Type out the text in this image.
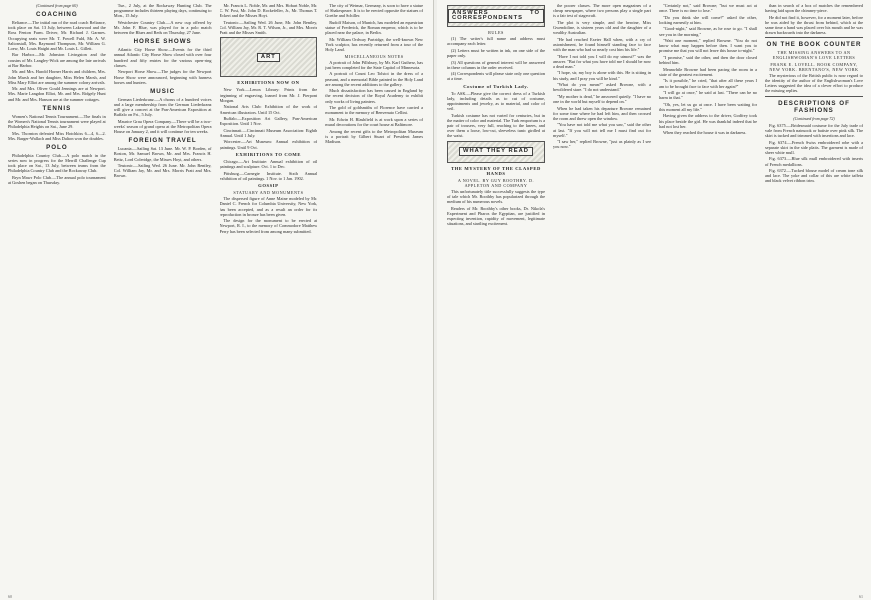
(Continued from page 60)
COACHING

Reliance.—The initial run of the road coach Reliance, took place on Sat. 13 July, between Lakewood and the Ross Fenton Farm. Driver, Mr. Richard J. Garmes. Occupying seats were Mr. T. Powell Fuld, Mr. A. W. Saltonstall, Mrs. Raymond Thompson, Mr. William G. Loew, Mr. Louis Haight and Mr. Louis L. Gillett.

Bar Harbor.—Mr. Johnston Livingston and the cousins of Mr. Langley-Wick are among the late arrivals at Bar Harbor.

Mr. and Mrs. Harold Horner Harris and children, Mrs. John Marsh and her daughter, Miss Helen Marsh, and Miss Mary Elliot are among the summer colony arrivals.

Mr. and Mrs. Oliver Gould Jennings are at Newport. Mrs. Marie Langdon Elliot, Mr. and Mrs. Ridgely Hunt and Mr. and Mrs. Hanson are at the summer cottages.

TENNIS

Women's National Tennis Tournament.—The finals in the Women's National Tennis tournament were played at Philadelphia Heights on Sat., June 29.

Mrs. Thornton defeated Miss Hotchkiss 6—4, 6—2. Mrs. Barger-Wallach and Miss Dalton won the doubles.

POLO

Philadelphia Country Club.—A polo match in the series now in progress for the Merrill Challenge Cup took place on Sat., 13 July, between teams from the Philadelphia Country Club and the Rockaway Club.

Bryn Mawr Polo Club.—The annual polo tournament at Goshen began on Thursday.

Tue., 2 July, at the Rockaway Hunting Club. The programme includes thirteen playing days, continuing to Mon., 15 July.

Westchester Country Club.—A new cup offered by Mr. John F. Blue, was played for in a polo match between the Blues and Reds on Thursday, 27 June.

HORSE SHOWS

Atlantic City Horse Show.—Events for the third annual Atlantic City Horse Show closed with over four hundred and fifty entries for the various open-ring classes.

Newport Horse Show.—The judges for the Newport Horse Show were announced, beginning with harness horses and hunters.

MUSIC

German Liederkranz.—A chorus of a hundred voices and a large membership from the German Liederkranz will give a concert at the Pan-American Exposition at Buffalo on Fri., 5 July.

Maurice Grau Opera Company.—There will be a two-weeks' season of grand opera at the Metropolitan Opera House on January 2, and it will continue for ten weeks.

FOREIGN TRAVEL

Lucania.—Sailing Sat. 13 June. Mr. W. P. Borden, of Boston, Mr. Samuel Brown, Mr. and Mrs. Francis H. Bettz, Lord Coleridge, the Misses Hoyt, and others.

Teutonic.—Sailing Wed. 26 June. Mr. John Bentley, Col. William Jay, Mr. and Mrs. Morris Pratt and Mrs. Brown.

Mr. Francis L. Noble, Mr. and Mrs. Hobart Noble, Mr. C. W. Post, Mr. John D. Rockefeller, Jr., Mr. Thomas T. Eckert and the Misses Hoyt.

Teutonic.—Sailing Wed. 26 June, Mr. John Bentley, Col. William Jay, Mr. R. T. Wilson, Jr., and Mrs. Morris Pratt and the Misses Smith.

ART
EXHIBITIONS NOW ON

New York.—Lenox Library: Prints from the beginning of engraving, loaned from Mr. J. Pierpont Morgan.

National Arts Club: Exhibition of the work of American illustrators. Until 15 Oct.

Buffalo.—Exposition Art Gallery, Pan-American Exposition. Until 1 Nov.

Cincinnati.—Cincinnati Museum Association: Eighth Annual. Until 1 July.

Worcester.—Art Museum: Annual exhibition of paintings. Until 9 Oct.

EXHIBITIONS TO COME

Chicago.—Art Institute: Annual exhibition of oil paintings and sculpture. Oct. 1 to Dec.

Pittsburg.—Carnegie Institute. Sixth Annual exhibition of oil paintings. 1 Nov. to 1 Jan. 1902.

GOSSIP
STATUARY AND MONUMENTS

The dispersed figure of Anne Maine modeled by Mr. Daniel C. French for Columbia University, New York, has been accepted, and as a result an order for its reproduction in bronze has been given.

The design for the monument to be erected at Newport, R. I., to the memory of Commodore Matthew Perry has been selected from among many submitted.

The city of Weimar, Germany, is soon to have a statue of Shakespeare. It is to be erected opposite the statues of Goethe and Schiller.

Rudolf Maison, of Munich, has modeled an equestrian statue of Frederick, the Roman emperor, which is to be placed near the palace, in Berlin.

Mr. William Ordway Partridge, the well-known New York sculptor, has recently returned from a tour of the Holy Land.

MISCELLANEOUS NOTES

A portrait of John Pillsbury, by Mr. Karl Gutherz, has just been completed for the State Capitol of Minnesota.

A portrait of Count Leo Tolstoi in the dress of a peasant, and a memorial Bible painted in the Holy Land are among the recent additions to the gallery.

Much dissatisfaction has been caused in England by the recent decision of the Royal Academy to exhibit only works of living painters.

The gold of goldsmiths of Florence have carried a monument to the memory of Benvenuto Cellini.

Mr. Edwin H. Blashfield is at work upon a series of mural decorations for the court house at Baltimore.

Among the recent gifts to the Metropolitan Museum is a portrait by Gilbert Stuart of President James Madison.

60
ANSWERS TO CORRESPONDENTS
RULES

(1) The writer's full name and address must accompany each letter.

(2) Letters must be written in ink, on one side of the paper only.

(3) All questions of general interest will be answered in these columns in the order received.

(4) Correspondents will please state only one question at a time.

Costume of Turkish Lady.

To ASK.—Please give the correct dress of a Turkish lady, including details as to cut of costume, appointments and jewelry, as to material, and color of veil.

Turkish costume has not varied for centuries, but in the matter of color and material. The Turk emporium is a pair of trousers, very full, reaching to the knees, and over them a loose, low-cut, sleeveless tunic girdled at the waist.

WHAT THEY READ
THE MYSTERY OF THE CLASPED HANDS
A NOVEL. BY GUY BOOTHBY. D. APPLETON AND COMPANY

This unfortunately title successfully suggests the type of tale which Mr. Boothby has popularized through the medium of his numerous novels.

Readers of Mr. Boothby's other books, Dr. Nikola's Experiment and Pharos the Egyptian, are justified in expecting invention, rapidity of movement, legitimate situations, and startling excitement.

the poorer classes. The more open magazines of a cheap newspaper, where two persons play a single part is a fair test of stagecraft.

The plot is very simple, and the heroine, Miss Gwendoline, is sixteen years old and the daughter of a wealthy Australian.

"He had reached Exeter Hall when, with a cry of astonishment, he found himself standing face to face with the man who had so nearly cost him his life."

"Have I not told you I will do my utmost?" was the answer. "But for what you have told me I should be now a dead man."

"I hope, sir, my boy is alone with this. He is sitting in his study, and I pray you will be kind."

"What do you mean?" asked Browne, with a bewildered stare. "I do not understand."

"My mother is dead," he answered quietly. "I have no one in the world but myself to depend on."

When he had taken his departure Browne remained for some time where he had left him, and then crossed the room and threw open the window.

"You have not told me what you saw," said the other at last. "If you will not tell me I must find out for myself."

"I saw her," replied Browne, "just as plainly as I see you now."

"Certainly not," said Browne; "but we must act at once. There is no time to lose."

"Do you think she will come?" asked the other, looking earnestly at him.

"Good-night," said Browne, as he rose to go. "I shall see you in the morning."

"Wait one moment," replied Browne. "You do not know what may happen before then. I want you to promise me that you will not leave this house to-night."

"I promise," said the other, and then the door closed behind him.

Meanwhile Browne had been pacing the room in a state of the greatest excitement.

"Is it possible," he cried, "that after all these years I am to be brought face to face with her again?"

"I will go at once," he said at last. "There can be no harm in that."

"Oh, yes, let us go at once. I have been waiting for this moment all my life."

Having given the address to the driver, Godfrey took his place beside the girl. He was thankful indeed that he had not lost her.

When they reached the house it was in darkness.

than in search of a box of matches the remembered having laid upon the chimney-piece.

He did not find it, however, for a moment later, before he was aided by the thrust from behind, which at the same time a hand was placed over his mouth and he was drawn backwards into the darkness.

ON THE BOOK COUNTER
THE MISSING ANSWERS TO AN ENGLISHWOMAN'S LOVE LETTERS
FRANK E. LOVELL. BOOK COMPANY, NEW YORK. BRENTANO'S, NEW YORK

The mysterious of the British public is now regard to the identity of the author of the Englishwoman's Love Letters suggested the idea of a clever effort to produce the missing replies.

DESCRIPTIONS OF FASHIONS
(Continued from page 72)

Fig. 6375.—Bridesmaid costume for the July trade of vale from French nainsook or batiste over pink silk. The skirt is tucked and trimmed with insertions and lace.

Fig. 6374.—French Swiss embroidered robe with a separate skirt in the side plaits. The garment is made of sheer white mull.

Fig. 6373.—Blue silk mull embroidered with inserts of French medallions.

Fig. 6372.—Tucked blouse model of cream tone silk and lace. The yoke and collar of this are white taffeta and black velvet ribbon trim.

61
